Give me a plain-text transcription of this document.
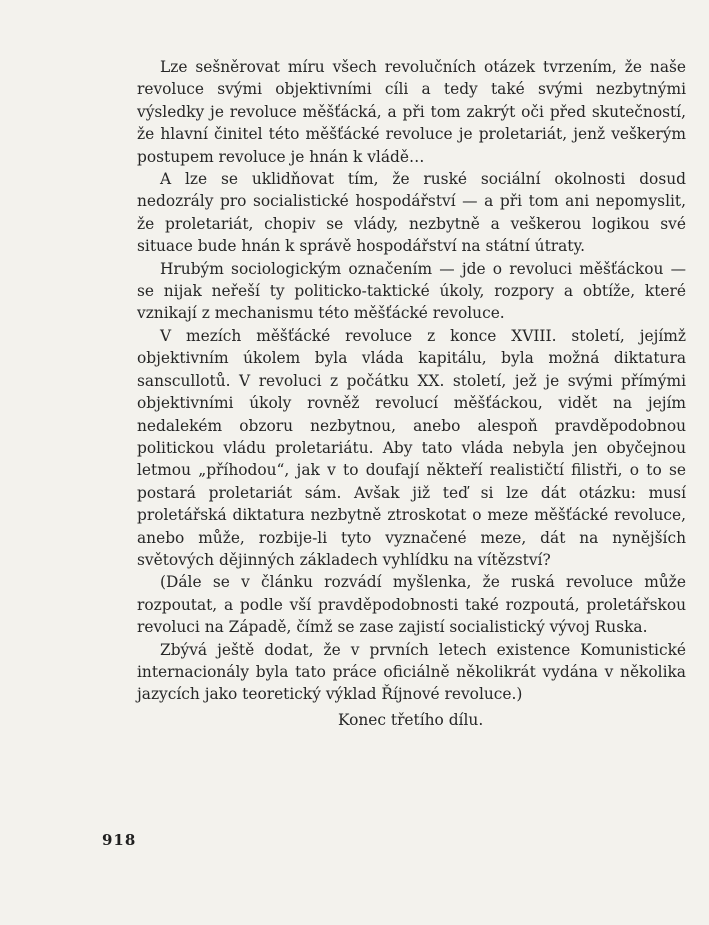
Lze sešněrovat míru všech revolučních otázek tvrzením, že naše revoluce svými objektivními cíli a tedy také svými nezbytnými výsledky je revoluce měšťácká, a při tom zakrýt oči před skutečností, že hlavní činitel této měšťácké revoluce je proletariát, jenž veškerým postupem revoluce je hnán k vládě…

A lze se uklidňovat tím, že ruské sociální okolnosti dosud nedozrály pro socialistické hospodářství — a při tom ani nepomyslit, že proletariát, chopiv se vlády, nezbytně a veškerou logikou své situace bude hnán k správě hospodářství na státní útraty.

Hrubým sociologickým označením — jde o revoluci měšťáckou — se nijak neřeší ty politicko-taktické úkoly, rozpory a obtíže, které vznikají z mechanismu této měšťácké revoluce.

V mezích měšťácké revoluce z konce XVIII. století, jejímž objektivním úkolem byla vláda kapitálu, byla možná diktatura sanscullotů. V revoluci z počátku XX. století, jež je svými přímými objektivními úkoly rovněž revolucí měšťáckou, vidět na jejím nedalekém obzoru nezbytnou, anebo alespoň pravděpodobnou politickou vládu proletariátu. Aby tato vláda nebyla jen obyčejnou letmou „příhodou“, jak v to doufají někteří realističtí filistři, o to se postará proletariát sám. Avšak již teď si lze dát otázku: musí proletářská diktatura nezbytně ztroskotat o meze měšťácké revoluce, anebo může, rozbije-li tyto vyznačené meze, dát na nynějších světových dějinných základech vyhlídku na vítězství?

(Dále se v článku rozvádí myšlenka, že ruská revoluce může rozpoutat, a podle vší pravděpodobnosti také rozpoutá, proletářskou revoluci na Západě, čímž se zase zajistí socialistický vývoj Ruska.

Zbývá ještě dodat, že v prvních letech existence Komunistické internacionály byla tato práce oficiálně několikrát vydána v několika jazycích jako teoretický výklad Říjnové revoluce.)

Konec třetího dílu.
918
